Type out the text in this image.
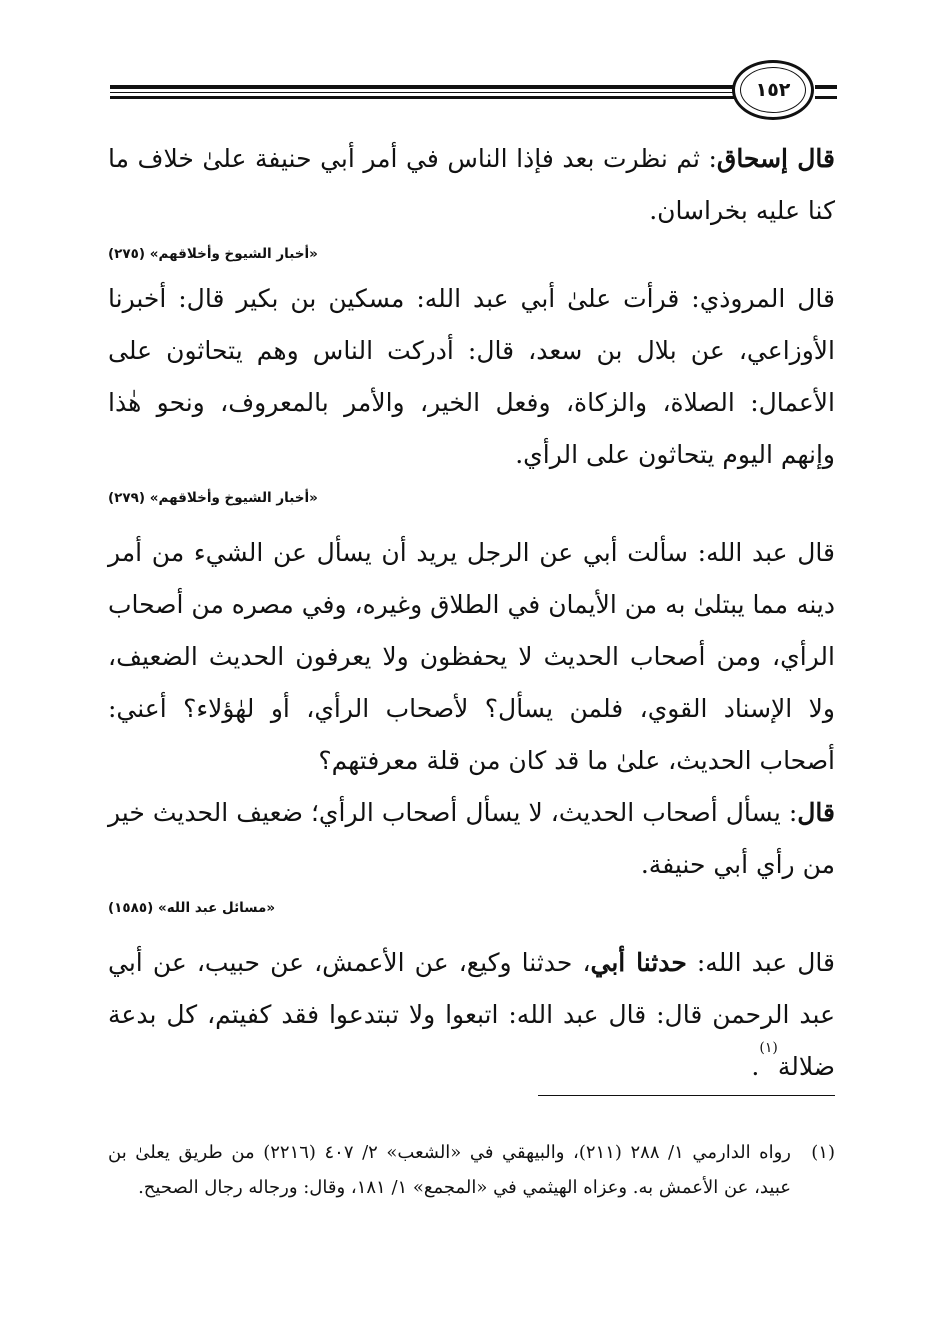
١٥٢

قال إسحاق: ثم نظرت بعد فإذا الناس في أمر أبي حنيفة علىٰ خلاف ما كنا عليه بخراسان.

«أخبار الشيوخ وأخلاقهم» (٢٧٥)

قال المروذي: قرأت علىٰ أبي عبد الله: مسكين بن بكير قال: أخبرنا الأوزاعي، عن بلال بن سعد، قال: أدركت الناس وهم يتحاثون على الأعمال: الصلاة، والزكاة، وفعل الخير، والأمر بالمعروف، ونحو هٰذا وإنهم اليوم يتحاثون على الرأي.

«أخبار الشيوخ وأخلاقهم» (٢٧٩)

قال عبد الله: سألت أبي عن الرجل يريد أن يسأل عن الشيء من أمر دينه مما يبتلىٰ به من الأيمان في الطلاق وغيره، وفي مصره من أصحاب الرأي، ومن أصحاب الحديث لا يحفظون ولا يعرفون الحديث الضعيف، ولا الإسناد القوي، فلمن يسأل؟ لأصحاب الرأي، أو لهٰؤلاء؟ أعني: أصحاب الحديث، علىٰ ما قد كان من قلة معرفتهم؟

قال: يسأل أصحاب الحديث، لا يسأل أصحاب الرأي؛ ضعيف الحديث خير من رأي أبي حنيفة.

«مسائل عبد الله» (١٥٨٥)

قال عبد الله: حدثنا أبي، حدثنا وكيع، عن الأعمش، عن حبيب، عن أبي عبد الرحمن قال: قال عبد الله: اتبعوا ولا تبتدعوا فقد كفيتم، كل بدعة ضلالة$^{(١)}$.

(١)
رواه الدارمي ١/ ٢٨٨ (٢١١)، والبيهقي في «الشعب» ٢/ ٤٠٧ (٢٢١٦) من طريق يعلىٰ بن عبيد، عن الأعمش به. وعزاه الهيثمي في «المجمع» ١/ ١٨١، وقال: ورجاله رجال الصحيح.
